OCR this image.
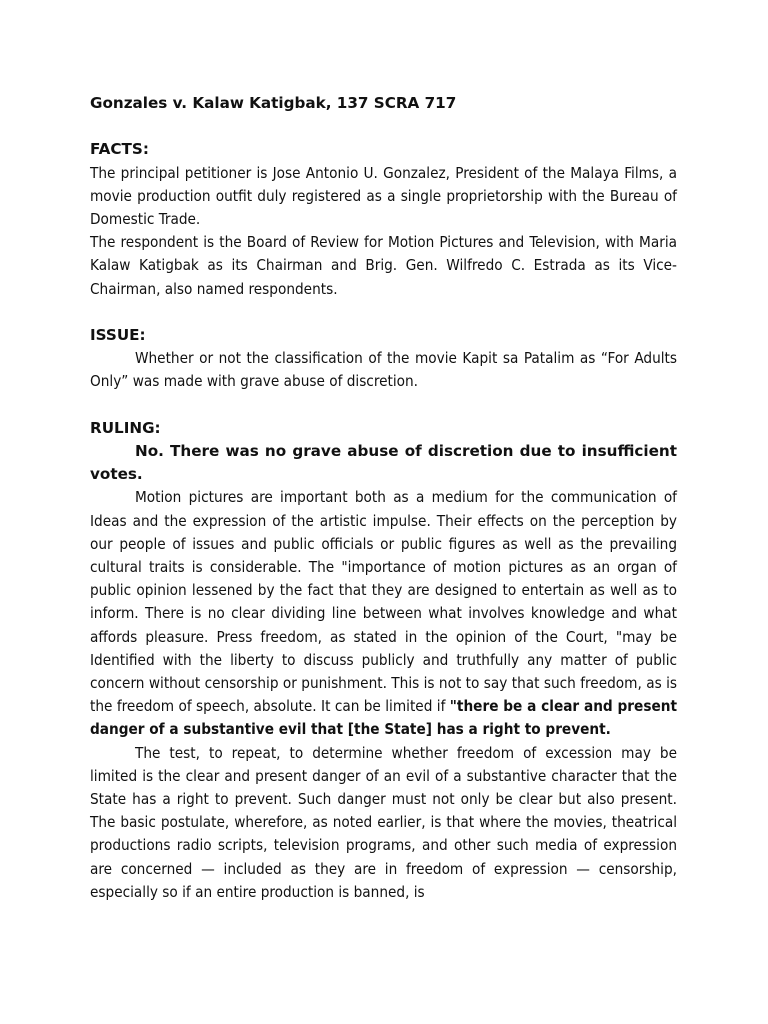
Gonzales v. Kalaw Katigbak, 137 SCRA 717

FACTS:

The principal petitioner is Jose Antonio U. Gonzalez, President of the Malaya Films, a movie production outfit duly registered as a single proprietorship with the Bureau of Domestic Trade.

The respondent is the Board of Review for Motion Pictures and Television, with Maria Kalaw Katigbak as its Chairman and Brig. Gen. Wilfredo C. Estrada as its Vice-Chairman, also named respondents.

ISSUE:

Whether or not the classification of the movie Kapit sa Patalim as “For Adults Only” was made with grave abuse of discretion.

RULING:

No. There was no grave abuse of discretion due to insufficient votes.

Motion pictures are important both as a medium for the communication of Ideas and the expression of the artistic impulse. Their effects on the perception by our people of issues and public officials or public figures as well as the prevailing cultural traits is considerable. The "importance of motion pictures as an organ of public opinion lessened by the fact that they are designed to entertain as well as to inform. There is no clear dividing line between what involves knowledge and what affords pleasure. Press freedom, as stated in the opinion of the Court, "may be Identified with the liberty to discuss publicly and truthfully any matter of public concern without censorship or punishment. This is not to say that such freedom, as is the freedom of speech, absolute. It can be limited if "there be a clear and present danger of a substantive evil that [the State] has a right to prevent.

The test, to repeat, to determine whether freedom of excession may be limited is the clear and present danger of an evil of a substantive character that the State has a right to prevent. Such danger must not only be clear but also present. The basic postulate, wherefore, as noted earlier, is that where the movies, theatrical productions radio scripts, television programs, and other such media of expression are concerned — included as they are in freedom of expression — censorship, especially so if an entire production is banned, is
